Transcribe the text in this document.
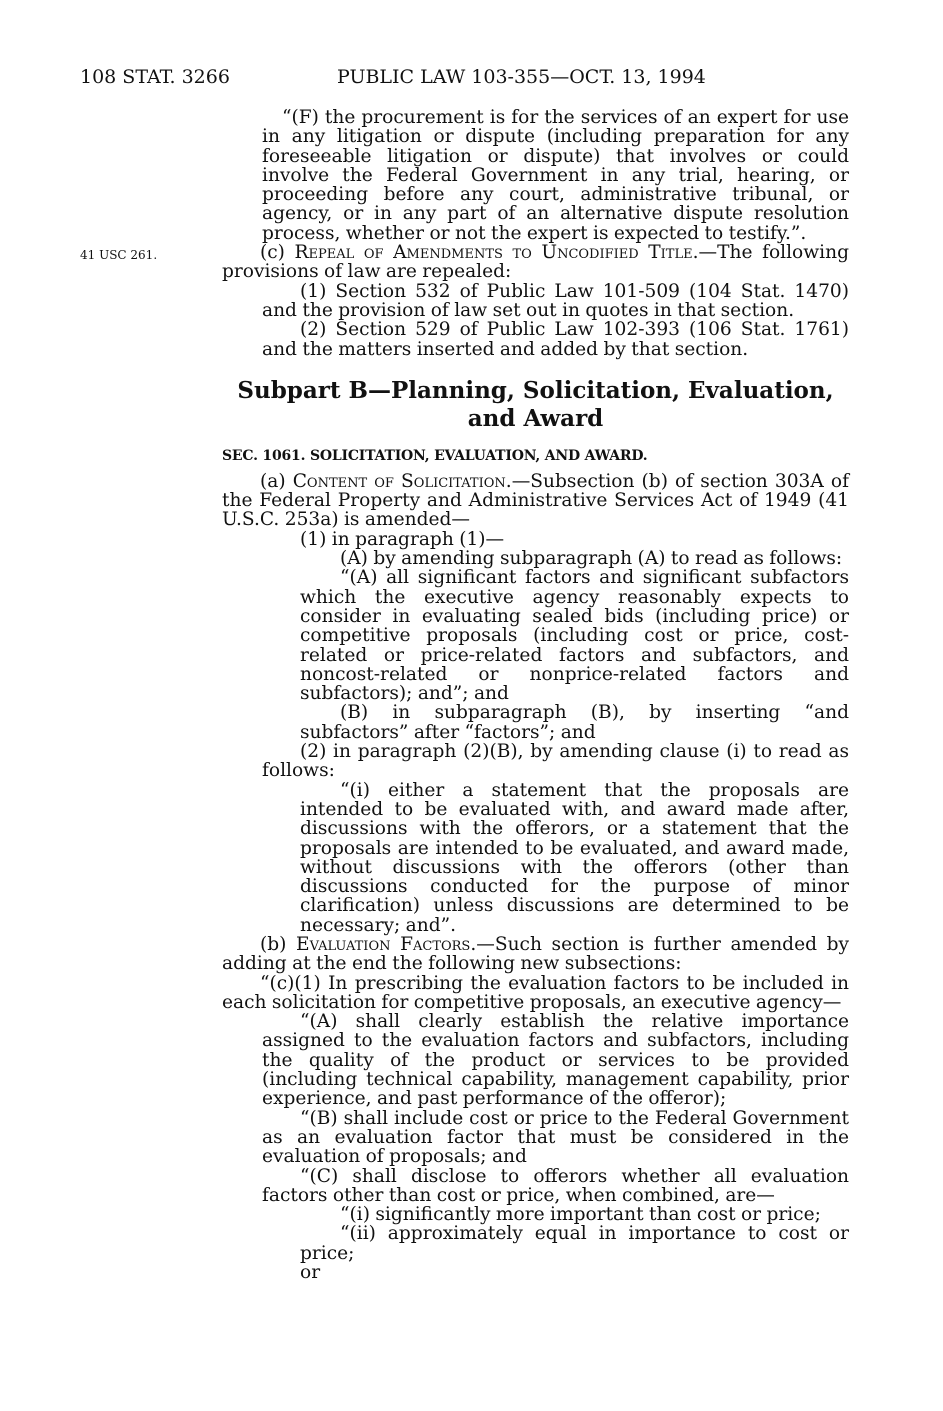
108 STAT. 3266	PUBLIC LAW 103-355—OCT. 13, 1994
41 USC 261.

“(F) the procurement is for the services of an expert for use in any litigation or dispute (including preparation for any foreseeable litigation or dispute) that involves or could involve the Federal Government in any trial, hearing, or proceeding before any court, administrative tribunal, or agency, or in any part of an alternative dispute resolution process, whether or not the expert is expected to testify.”.

(c) Repeal of Amendments to Uncodified Title.—The following provisions of law are repealed:

(1) Section 532 of Public Law 101-509 (104 Stat. 1470) and the provision of law set out in quotes in that section.

(2) Section 529 of Public Law 102-393 (106 Stat. 1761) and the matters inserted and added by that section.

Subpart B—Planning, Solicitation, Evaluation,
and Award
SEC. 1061. SOLICITATION, EVALUATION, AND AWARD.

(a) Content of Solicitation.—Subsection (b) of section 303A of the Federal Property and Administrative Services Act of 1949 (41 U.S.C. 253a) is amended—

(1) in paragraph (1)—

(A) by amending subparagraph (A) to read as follows:

“(A) all significant factors and significant subfactors which the executive agency reasonably expects to consider in evaluating sealed bids (including price) or competitive proposals (including cost or price, cost-related or price-related factors and subfactors, and noncost-related or nonprice-related factors and subfactors); and”; and

(B) in subparagraph (B), by inserting “and subfactors” after “factors”; and

(2) in paragraph (2)(B), by amending clause (i) to read as follows:

“(i) either a statement that the proposals are intended to be evaluated with, and award made after, discussions with the offerors, or a statement that the proposals are intended to be evaluated, and award made, without discussions with the offerors (other than discussions conducted for the purpose of minor clarification) unless discussions are determined to be necessary; and”.

(b) Evaluation Factors.—Such section is further amended by adding at the end the following new subsections:

“(c)(1) In prescribing the evaluation factors to be included in each solicitation for competitive proposals, an executive agency—

“(A) shall clearly establish the relative importance assigned to the evaluation factors and subfactors, including the quality of the product or services to be provided (including technical capability, management capability, prior experience, and past performance of the offeror);

“(B) shall include cost or price to the Federal Government as an evaluation factor that must be considered in the evaluation of proposals; and

“(C) shall disclose to offerors whether all evaluation factors other than cost or price, when combined, are—

“(i) significantly more important than cost or price;

“(ii) approximately equal in importance to cost or price;

or
